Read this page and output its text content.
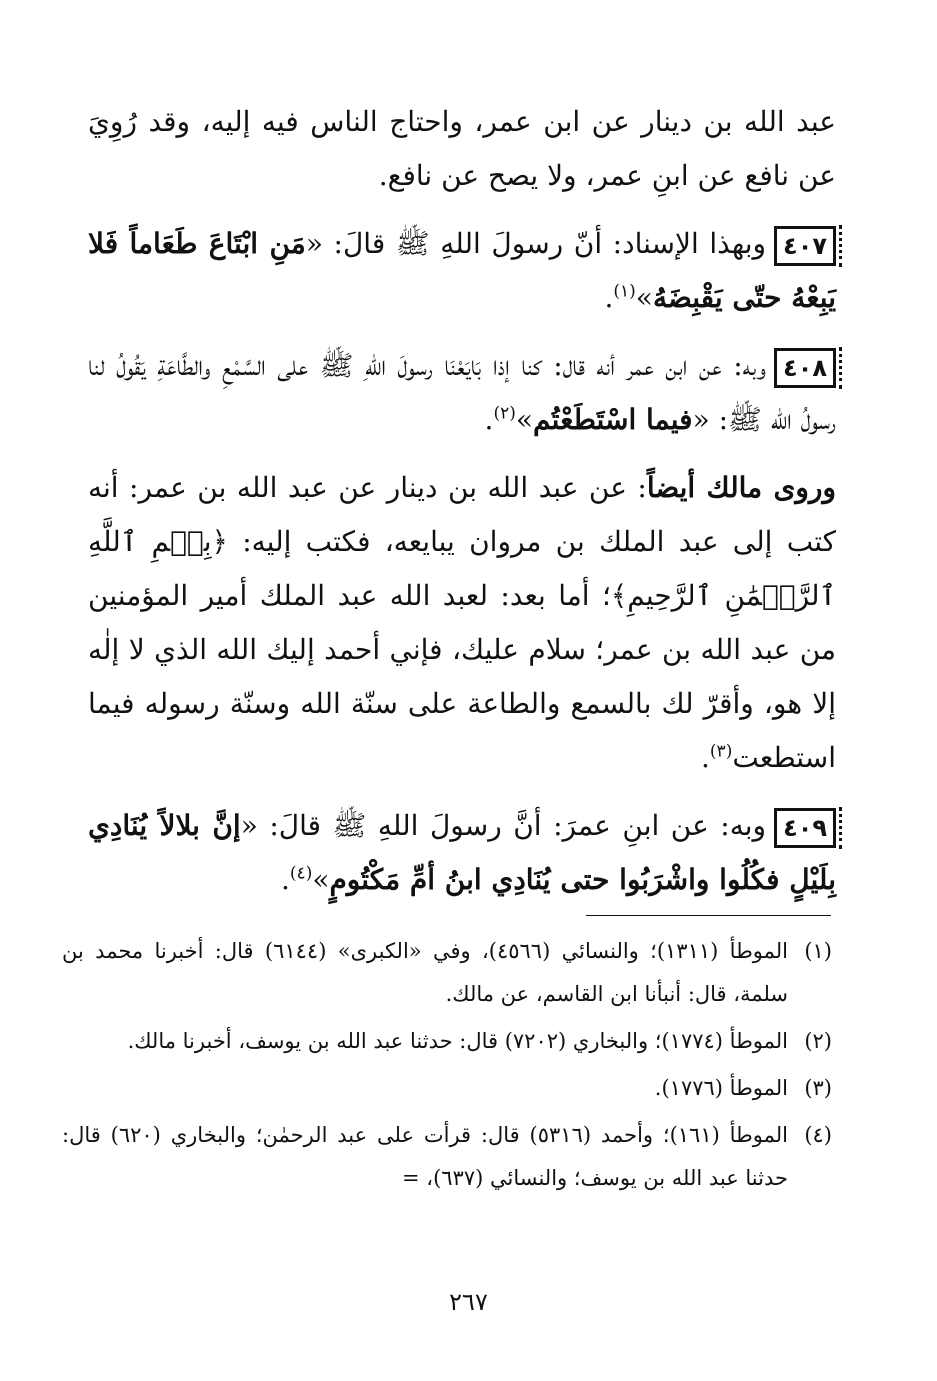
عبد الله بن دينار عن ابن عمر، واحتاج الناس فيه إليه، وقد رُوِيَ عن نافع عن ابنِ عمر، ولا يصح عن نافع.

٤٠٧وبهذا الإسناد: أنّ رسولَ اللهِ ﷺ قالَ: «مَنِ ابْتَاعَ طَعَاماً فَلا يَبِعْهُ حتّى يَقْبِضَهُ»$^{(١)}$.

٤٠٨وبه: عن ابن عمر أنه قال: كنا إذا بَايَعْنَا رسولَ اللهِ ﷺ على السَّمْعِ والطَّاعَةِ يَقُولُ لنا رسولُ الله ﷺ: «فيما اسْتَطَعْتُم»$^{(٢)}$.

وروى مالك أيضاً: عن عبد الله بن دينار عن عبد الله بن عمر: أنه كتب إلى عبد الملك بن مروان يبايعه، فكتب إليه: ﴿بِسۡمِ ٱللَّهِ ٱلرَّحۡمَٰنِ ٱلرَّحِيمِ﴾؛ أما بعد: لعبد الله عبد الملك أمير المؤمنين من عبد الله بن عمر؛ سلام عليك، فإني أحمد إليك الله الذي لا إلٰه إلا هو، وأقرّ لك بالسمع والطاعة على سنّة الله وسنّة رسوله فيما استطعت$^{(٣)}$.

٤٠٩وبه: عن ابنِ عمرَ: أنَّ رسولَ اللهِ ﷺ قالَ: «إنَّ بلالاً يُنَادِي بِلَيْلٍ فكُلُوا واشْرَبُوا حتى يُنَادِي ابنُ أمِّ مَكْتُومٍ»$^{(٤)}$.

(١)
الموطأ (١٣١١)؛ والنسائي (٤٥٦٦)، وفي «الكبرى» (٦١٤٤) قال: أخبرنا محمد بن سلمة، قال: أنبأنا ابن القاسم، عن مالك.
(٢)
الموطأ (١٧٧٤)؛ والبخاري (٧٢٠٢) قال: حدثنا عبد الله بن يوسف، أخبرنا مالك.
(٣)
الموطأ (١٧٧٦).
(٤)
الموطأ (١٦١)؛ وأحمد (٥٣١٦) قال: قرأت على عبد الرحمٰن؛ والبخاري (٦٢٠) قال: حدثنا عبد الله بن يوسف؛ والنسائي (٦٣٧)، =
٢٦٧
